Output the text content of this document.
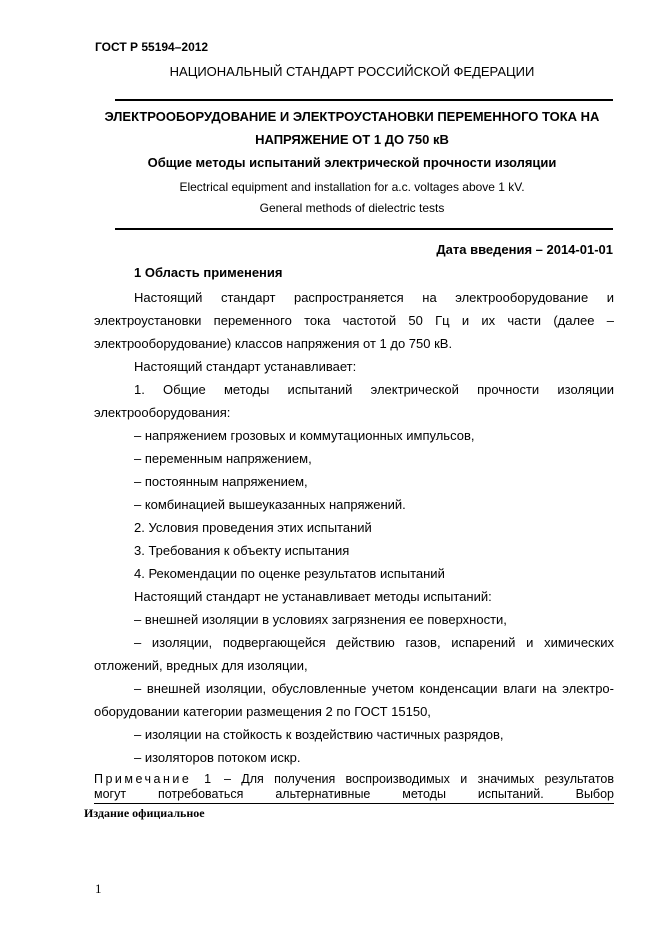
ГОСТ Р 55194–2012
НАЦИОНАЛЬНЫЙ СТАНДАРТ РОССИЙСКОЙ ФЕДЕРАЦИИ
ЭЛЕКТРООБОРУДОВАНИЕ И ЭЛЕКТРОУСТАНОВКИ ПЕРЕМЕННОГО ТОКА НА
НАПРЯЖЕНИЕ ОТ 1 ДО 750 кВ
Общие методы испытаний электрической прочности изоляции
Electrical equipment and installation for a.c. voltages above 1 kV.
General methods of dielectric tests
Дата введения – 2014-01-01
1 Область применения
Настоящий стандарт распространяется на электрооборудование и
электроустановки переменного тока частотой 50 Гц и их части (далее –
электрооборудование) классов напряжения от 1 до 750 кВ.
Настоящий стандарт устанавливает:
1. Общие методы испытаний электрической прочности изоляции
электрооборудования:
– напряжением грозовых и коммутационных импульсов,
– переменным напряжением,
– постоянным напряжением,
– комбинацией вышеуказанных напряжений.
2. Условия проведения этих испытаний
3. Требования к объекту испытания
4. Рекомендации по оценке результатов испытаний
Настоящий стандарт не устанавливает методы испытаний:
– внешней изоляции в условиях загрязнения ее поверхности,
– изоляции, подвергающейся действию газов, испарений и химических
отложений, вредных для изоляции,
– внешней изоляции, обусловленные учетом конденсации влаги на электро-
оборудовании категории размещения 2 по ГОСТ 15150,
– изоляции на стойкость к воздействию частичных разрядов,
– изоляторов потоком искр.
Примечание 1 – Для получения воспроизводимых и значимых результатов
могут потребоваться альтернативные методы испытаний. Выбор
Издание официальное
1
